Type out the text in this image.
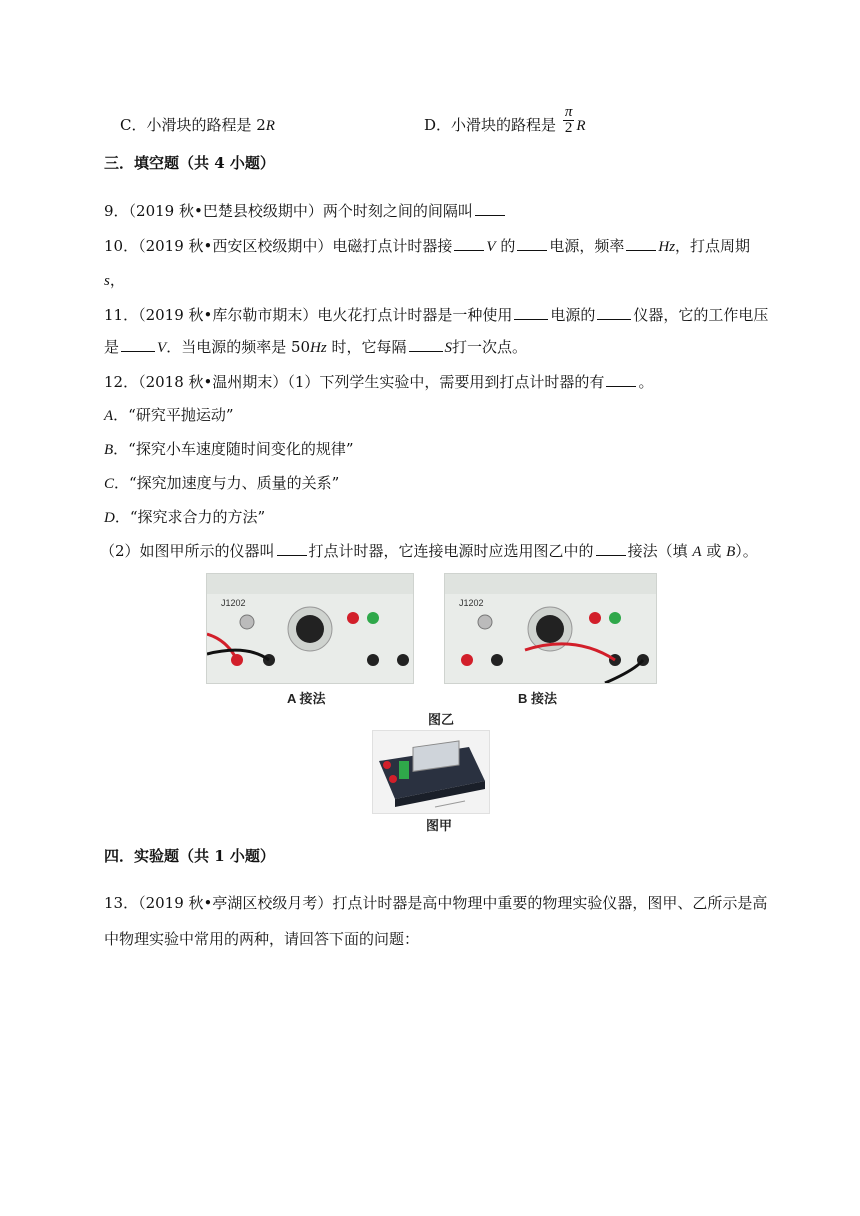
C．小滑块的路程是 2R	D．小滑块的路程是 $\frac{\pi}{2}$ R
三．填空题（共 4 小题）
9．（2019 秋•巴楚县校级期中）两个时刻之间的间隔叫
10．（2019 秋•西安区校级期中）电磁打点计时器接 V 的 电源，频率 Hz，打点周期
s，
11．（2019 秋•库尔勒市期末）电火花打点计时器是一种使用	电源的	仪器，它的工作电压
是	V．当电源的频率是 50Hz 时，它每隔	S打一次点。
12．（2018 秋•温州期末）（1）下列学生实验中，需要用到打点计时器的有 。
A．“研究平抛运动”
B．“探究小车速度随时间变化的规律”
C．“探究加速度与力、质量的关系”
D．“探究求合力的方法”
（2）如图甲所示的仪器叫 打点计时器，它连接电源时应选用图乙中的 接法（填 A 或 B）。
J1202
A 接法
J1202
B 接法
图乙
图甲
四．实验题（共 1 小题）
13．（2019 秋•亭湖区校级月考）打点计时器是高中物理中重要的物理实验仪器，图甲、乙所示是高
中物理实验中常用的两种，请回答下面的问题：
